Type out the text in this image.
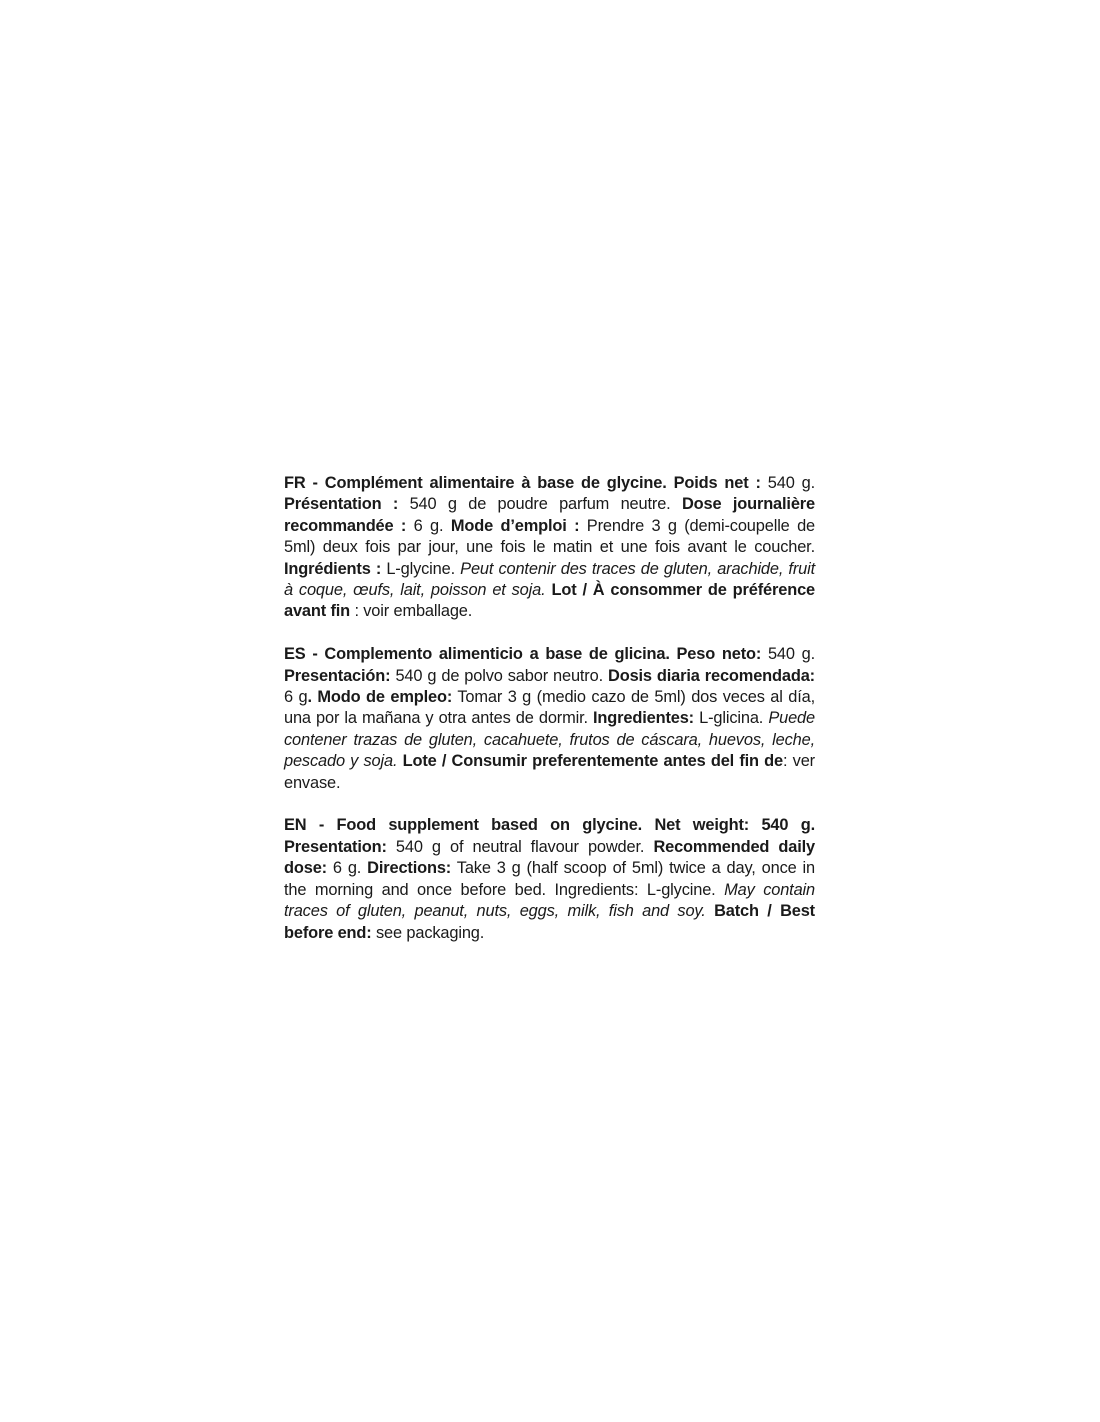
FR - Complément alimentaire à base de glycine. Poids net : 540 g. Présentation : 540 g de poudre parfum neutre. Dose journalière recommandée : 6 g. Mode d’emploi : Prendre 3 g (demi-coupelle de 5ml) deux fois par jour, une fois le matin et une fois avant le coucher. Ingrédients : L-glycine. Peut contenir des traces de gluten, arachide, fruit à coque, œufs, lait, poisson et soja. Lot / À consommer de préférence avant fin : voir emballage.

ES - Complemento alimenticio a base de glicina. Peso neto: 540 g. Presentación: 540 g de polvo sabor neutro. Dosis diaria recomendada: 6 g. Modo de empleo: Tomar 3 g (medio cazo de 5ml) dos veces al día, una por la mañana y otra antes de dormir. Ingredientes: L-glicina. Puede contener trazas de gluten, cacahuete, frutos de cáscara, huevos, leche, pescado y soja. Lote / Consumir preferentemente antes del fin de: ver envase.

EN - Food supplement based on glycine. Net weight: 540 g. Presentation: 540 g of neutral flavour powder. Recommended daily dose: 6 g. Directions: Take 3 g (half scoop of 5ml) twice a day, once in the morning and once before bed. Ingredients: L-glycine. May contain traces of gluten, peanut, nuts, eggs, milk, fish and soy. Batch / Best before end: see packaging.
